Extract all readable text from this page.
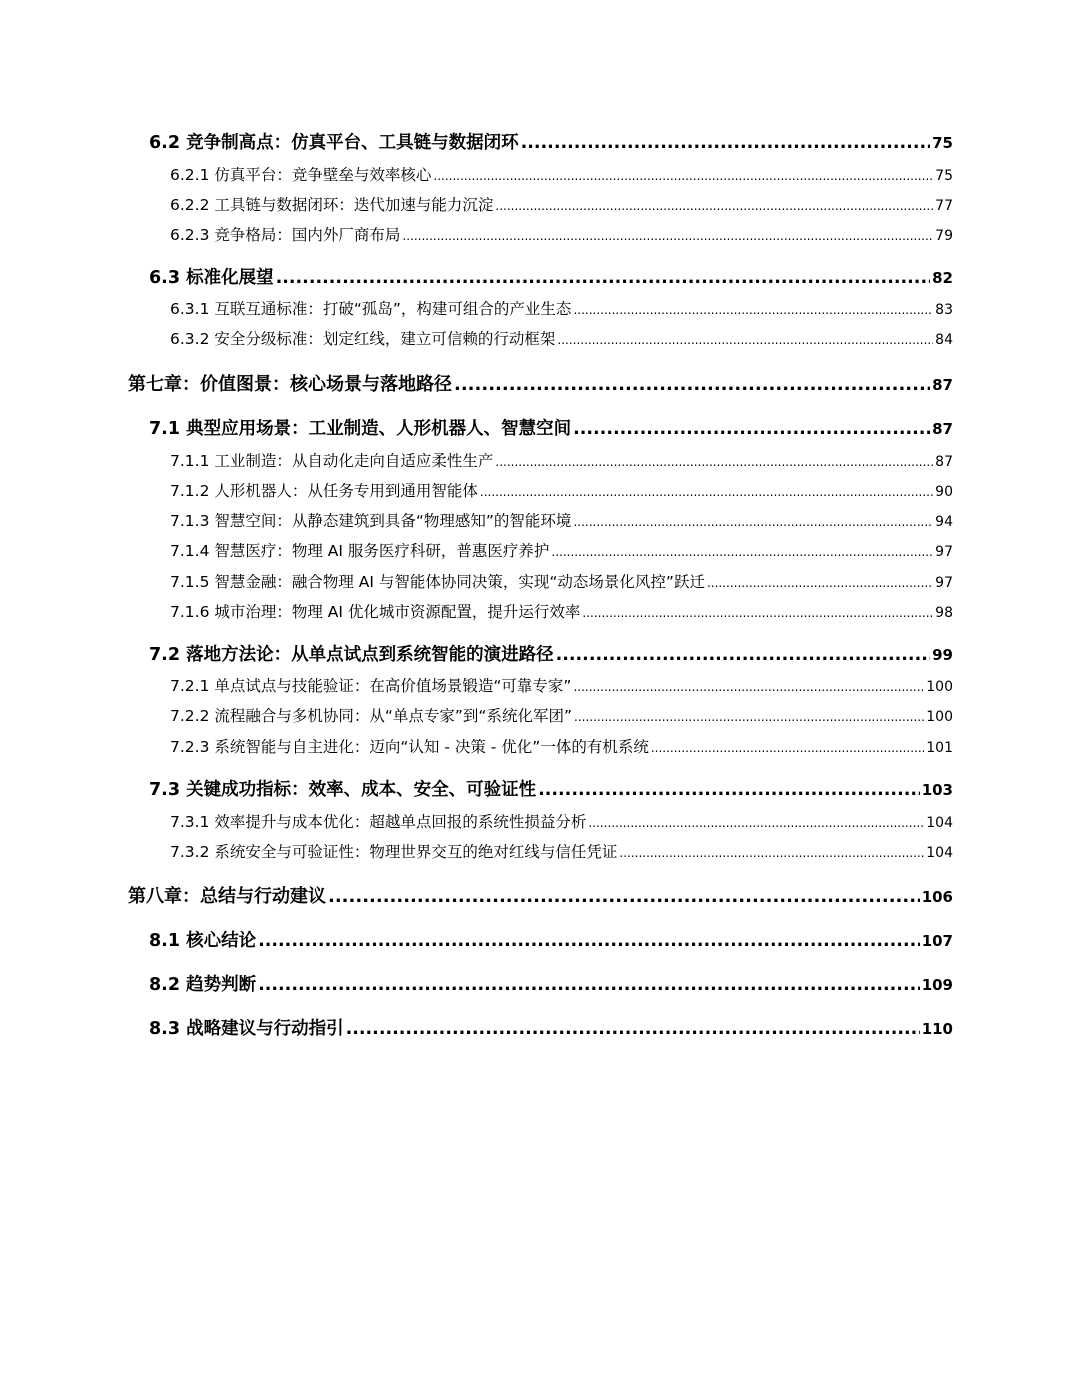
6.2 竞争制高点：仿真平台、工具链与数据闭环 .....	75
6.2.1 仿真平台：竞争壁垒与效率核心 .....	75
6.2.2 工具链与数据闭环：迭代加速与能力沉淀 .....	77
6.2.3 竞争格局：国内外厂商布局 .....	79
6.3 标准化展望 .....	82
6.3.1 互联互通标准：打破“孤岛”，构建可组合的产业生态 .....	83
6.3.2 安全分级标准：划定红线，建立可信赖的行动框架 .....	84
第七章：价值图景：核心场景与落地路径 .....	87
7.1 典型应用场景：工业制造、人形机器人、智慧空间 .....	87
7.1.1 工业制造：从自动化走向自适应柔性生产 .....	87
7.1.2 人形机器人：从任务专用到通用智能体 .....	90
7.1.3 智慧空间：从静态建筑到具备“物理感知”的智能环境 .....	94
7.1.4 智慧医疗：物理 AI 服务医疗科研，普惠医疗养护 .....	97
7.1.5 智慧金融：融合物理 AI 与智能体协同决策，实现“动态场景化风控”跃迁 .....	97
7.1.6 城市治理：物理 AI 优化城市资源配置，提升运行效率 .....	98
7.2 落地方法论：从单点试点到系统智能的演进路径 .....	99
7.2.1 单点试点与技能验证：在高价值场景锻造“可靠专家” .....	100
7.2.2 流程融合与多机协同：从“单点专家”到“系统化军团” .....	100
7.2.3 系统智能与自主进化：迈向“认知 - 决策 - 优化”一体的有机系统 .....	101
7.3 关键成功指标：效率、成本、安全、可验证性 .....	103
7.3.1 效率提升与成本优化：超越单点回报的系统性损益分析 .....	104
7.3.2 系统安全与可验证性：物理世界交互的绝对红线与信任凭证 .....	104
第八章：总结与行动建议 .....	106
8.1 核心结论 .....	107
8.2 趋势判断 .....	109
8.3 战略建议与行动指引 .....	110
